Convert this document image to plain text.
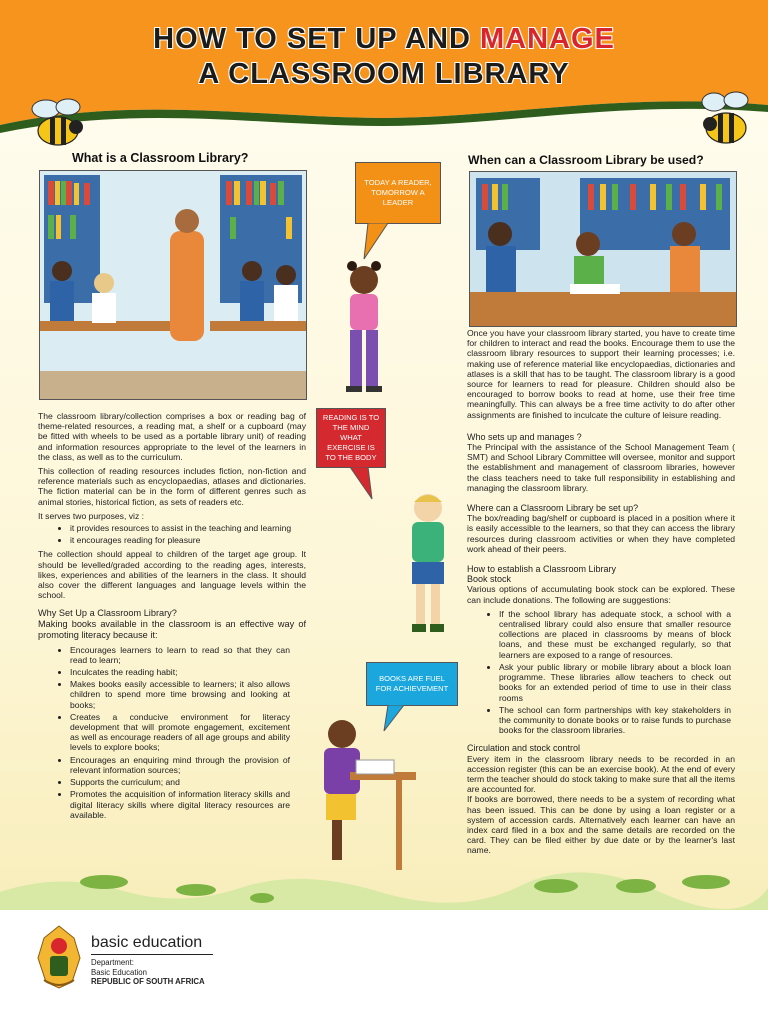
HOW TO SET UP AND MANAGE
A CLASSROOM LIBRARY
What is a Classroom Library?

The classroom library/collection comprises a box or reading bag of theme-related resources, a reading mat, a shelf or a cupboard (may be fitted with wheels to be used as a portable library unit) of reading and information resources appropriate to the level of the learners in the class, as well as to the curriculum.

This collection of reading resources includes fiction, non-fiction and reference materials such as encyclopaedias, atlases and dictionaries. The fiction material can be in the form of different genres such as animal stories, historical fiction, as sets of readers etc.

It serves two purposes, viz :

• it provides resources to assist in the teaching and learning
• it encourages reading for pleasure

The collection should appeal to children of the target age group. It should be levelled/graded according to the reading ages, interests, likes, experiences and abilities of the learners in the class. It should also cover the different languages and language levels within the school.

Why Set Up a Classroom Library?

Making books available in the classroom is an effective way of promoting literacy because it:

• Encourages learners to learn to read so that they can read to learn;
• Inculcates the reading habit;
• Makes books easily accessible to learners; it also allows children to spend more time browsing and looking at books;
• Creates a conducive environment for literacy development that will promote engagement, excitement as well as encourage readers of all age groups and ability levels to explore books;
• Encourages an enquiring mind through the provision of relevant information sources;
• Supports the curriculum; and
• Promotes the acquisition of information literacy skills and digital literacy skills where digital literacy resources are available.
TODAY A READER, TOMORROW A LEADER
READING IS TO THE MIND WHAT EXERCISE IS TO THE BODY
BOOKS ARE FUEL FOR ACHIEVEMENT
When can a Classroom Library be used?

Once you have your classroom library started, you have to create time for children to interact and read the books. Encourage them to use the classroom library resources to support their learning processes; i.e. making use of reference material like encyclopaedias, dictionaries and atlases is a skill that has to be taught. The classroom library is a good source for learners to read for pleasure. Children should also be encouraged to borrow books to read at home, use their free time meaningfully. This can always be a free time activity to do after other assignments are finished to inculcate the culture of leisure reading.

Who sets up and manages ?

The Principal with the assistance of the School Management Team ( SMT) and School Library Committee will oversee, monitor and support the establishment and management of classroom libraries, however the class teachers need to take full responsibility in establishing and managing the classroom library.

Where can a Classroom Library be set up?

The box/reading bag/shelf or cupboard is placed in a position where it is easily accessible to the learners, so that they can access the library resources during classroom activities or when they have completed work ahead of their peers.

How to establish a Classroom Library

Book stock

Various options of accumulating book stock can be explored. These can include donations. The following are suggestions:

• If the school library has adequate stock, a school with a centralised library could also ensure that smaller resource collections are placed in classrooms by means of block loans, and these must be exchanged regularly, so that learners are exposed to a range of resources.
• Ask your public library or mobile library about a block loan programme. These libraries allow teachers to check out books for an extended period of time to use in their class rooms
• The school can form partnerships with key stakeholders in the community to donate books or to raise funds to purchase books for the classroom libraries.

Circulation and stock control

Every item in the classroom library needs to be recorded in an accession register (this can be an exercise book). At the end of every term the teacher should do stock taking to make sure that all the items are accounted for.

If books are borrowed, there needs to be a system of recording what has been issued. This can be done by using a loan register or a system of accession cards. Alternatively each learner can have an index card filed in a box and the same details are recorded on the card. They can be filed either by due date or by the learner's last name.

basic education
Department:
Basic Education
REPUBLIC OF SOUTH AFRICA
